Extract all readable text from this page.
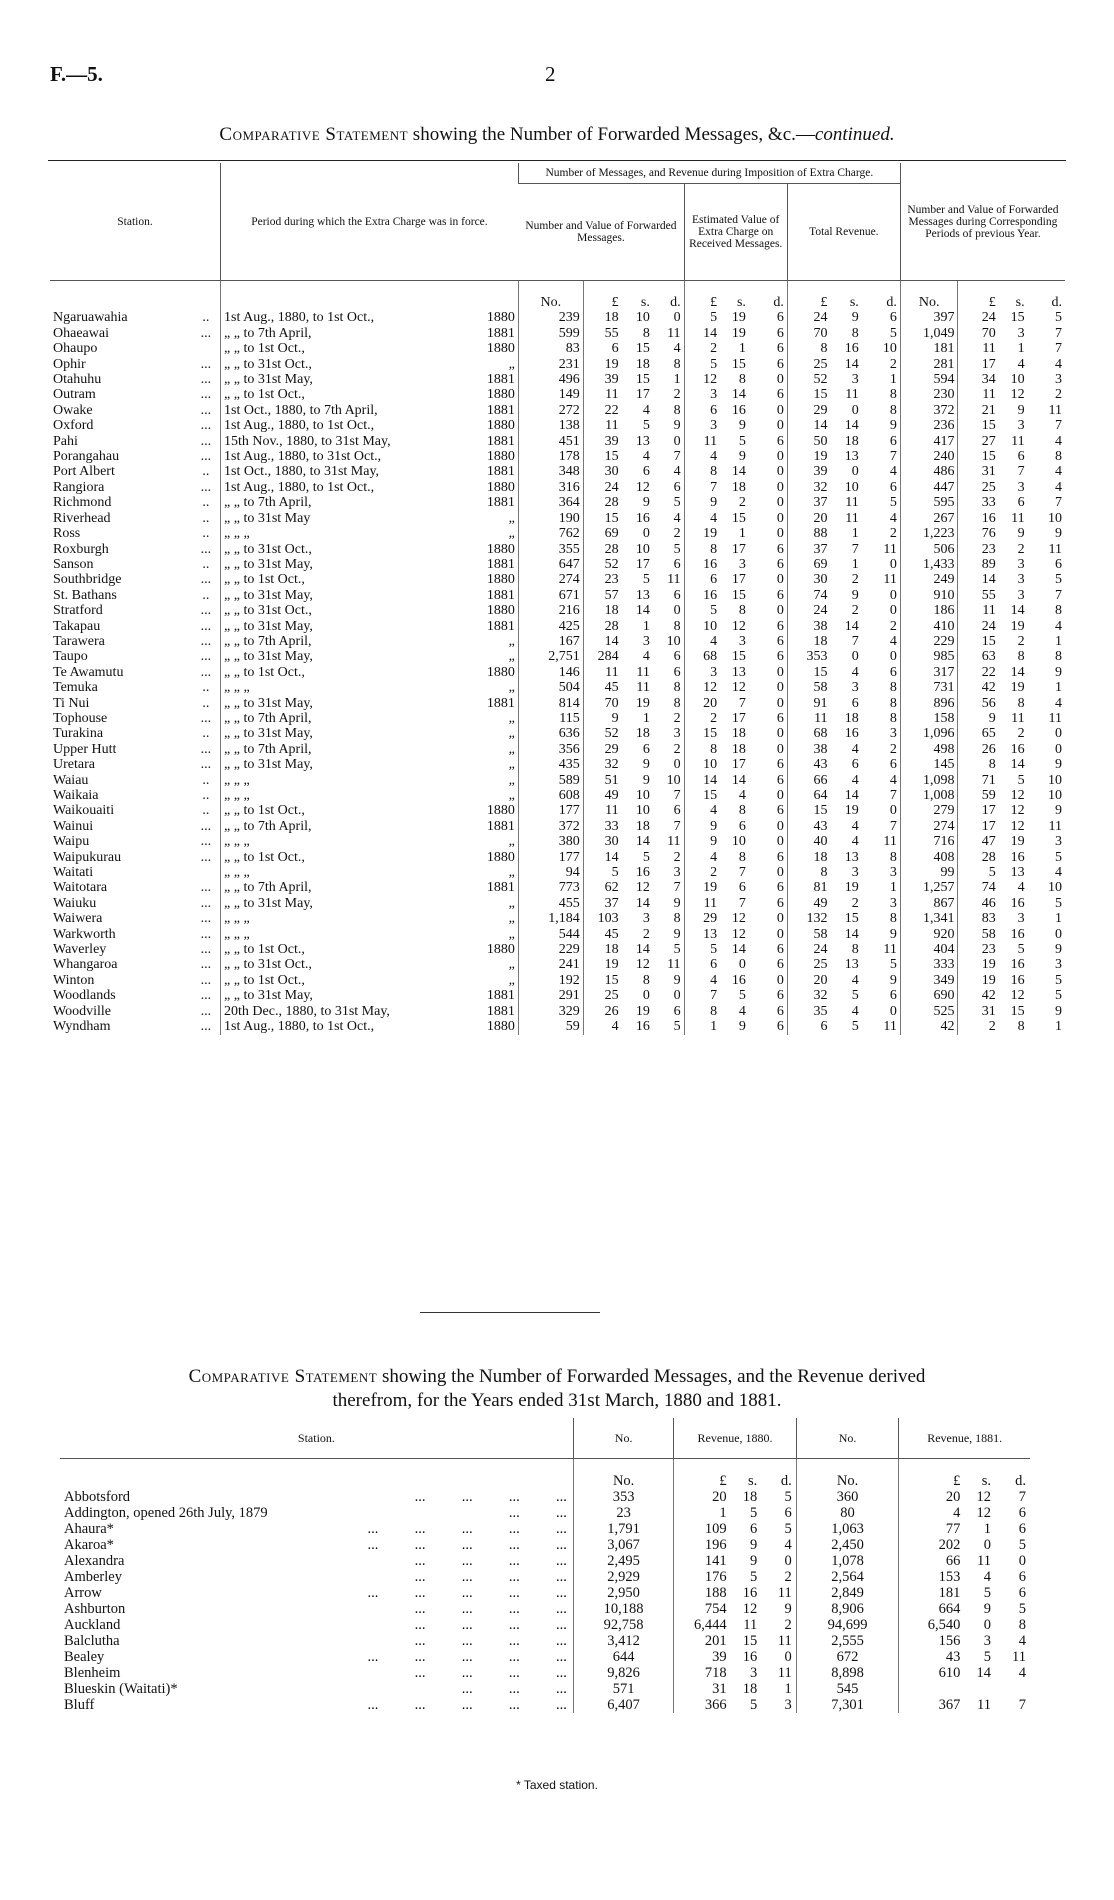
F.—5.	2
Comparative Statement showing the Number of Forwarded Messages, &c.—continued.
Station.		Period during which the Extra Charge was in force.		Number of Messages, and Revenue during Imposition of Extra Charge.										Number and Value of Forwarded Messages during Corresponding Periods of previous Year.			
				Number and Value of Forwarded Messages.				Estimated Value of Extra Charge on Received Messages.			Total Revenue.						
				No.	£	s.	d.	£	s.	d.	£	s.	d.	No.	£	s.	d.
Ngaruawahia	..	1st Aug., 1880, to 1st Oct.,	1880	239	18	10	0	5	19	6	24	9	6	397	24	15	5
Ohaeawai	...	„ „ to 7th April,	1881	599	55	8	11	14	19	6	70	8	5	1,049	70	3	7
Ohaupo		„ „ to 1st Oct.,	1880	83	6	15	4	2	1	6	8	16	10	181	11	1	7
Ophir	...	„ „ to 31st Oct.,	„	231	19	18	8	5	15	6	25	14	2	281	17	4	4
Otahuhu	...	„ „ to 31st May,	1881	496	39	15	1	12	8	0	52	3	1	594	34	10	3
Outram	...	„ „ to 1st Oct.,	1880	149	11	17	2	3	14	6	15	11	8	230	11	12	2
Owake	...	1st Oct., 1880, to 7th April,	1881	272	22	4	8	6	16	0	29	0	8	372	21	9	11
Oxford	...	1st Aug., 1880, to 1st Oct.,	1880	138	11	5	9	3	9	0	14	14	9	236	15	3	7
Pahi	...	15th Nov., 1880, to 31st May,	1881	451	39	13	0	11	5	6	50	18	6	417	27	11	4
Porangahau	...	1st Aug., 1880, to 31st Oct.,	1880	178	15	4	7	4	9	0	19	13	7	240	15	6	8
Port Albert	..	1st Oct., 1880, to 31st May,	1881	348	30	6	4	8	14	0	39	0	4	486	31	7	4
Rangiora	...	1st Aug., 1880, to 1st Oct.,	1880	316	24	12	6	7	18	0	32	10	6	447	25	3	4
Richmond	..	„ „ to 7th April,	1881	364	28	9	5	9	2	0	37	11	5	595	33	6	7
Riverhead	..	„ „ to 31st May	„	190	15	16	4	4	15	0	20	11	4	267	16	11	10
Ross	..	„ „ „	„	762	69	0	2	19	1	0	88	1	2	1,223	76	9	9
Roxburgh	...	„ „ to 31st Oct.,	1880	355	28	10	5	8	17	6	37	7	11	506	23	2	11
Sanson	..	„ „ to 31st May,	1881	647	52	17	6	16	3	6	69	1	0	1,433	89	3	6
Southbridge	...	„ „ to 1st Oct.,	1880	274	23	5	11	6	17	0	30	2	11	249	14	3	5
St. Bathans	..	„ „ to 31st May,	1881	671	57	13	6	16	15	6	74	9	0	910	55	3	7
Stratford	...	„ „ to 31st Oct.,	1880	216	18	14	0	5	8	0	24	2	0	186	11	14	8
Takapau	...	„ „ to 31st May,	1881	425	28	1	8	10	12	6	38	14	2	410	24	19	4
Tarawera	...	„ „ to 7th April,	„	167	14	3	10	4	3	6	18	7	4	229	15	2	1
Taupo	...	„ „ to 31st May,	„	2,751	284	4	6	68	15	6	353	0	0	985	63	8	8
Te Awamutu	...	„ „ to 1st Oct.,	1880	146	11	11	6	3	13	0	15	4	6	317	22	14	9
Temuka	..	„ „ „	„	504	45	11	8	12	12	0	58	3	8	731	42	19	1
Ti Nui	..	„ „ to 31st May,	1881	814	70	19	8	20	7	0	91	6	8	896	56	8	4
Tophouse	...	„ „ to 7th April,	„	115	9	1	2	2	17	6	11	18	8	158	9	11	11
Turakina	..	„ „ to 31st May,	„	636	52	18	3	15	18	0	68	16	3	1,096	65	2	0
Upper Hutt	...	„ „ to 7th April,	„	356	29	6	2	8	18	0	38	4	2	498	26	16	0
Uretara	...	„ „ to 31st May,	„	435	32	9	0	10	17	6	43	6	6	145	8	14	9
Waiau	..	„ „ „	„	589	51	9	10	14	14	6	66	4	4	1,098	71	5	10
Waikaia	..	„ „ „	„	608	49	10	7	15	4	0	64	14	7	1,008	59	12	10
Waikouaiti	..	„ „ to 1st Oct.,	1880	177	11	10	6	4	8	6	15	19	0	279	17	12	9
Wainui	...	„ „ to 7th April,	1881	372	33	18	7	9	6	0	43	4	7	274	17	12	11
Waipu	...	„ „ „	„	380	30	14	11	9	10	0	40	4	11	716	47	19	3
Waipukurau	...	„ „ to 1st Oct.,	1880	177	14	5	2	4	8	6	18	13	8	408	28	16	5
Waitati		„ „ „	„	94	5	16	3	2	7	0	8	3	3	99	5	13	4
Waitotara	...	„ „ to 7th April,	1881	773	62	12	7	19	6	6	81	19	1	1,257	74	4	10
Waiuku	...	„ „ to 31st May,	„	455	37	14	9	11	7	6	49	2	3	867	46	16	5
Waiwera	...	„ „ „	„	1,184	103	3	8	29	12	0	132	15	8	1,341	83	3	1
Warkworth	...	„ „ „	„	544	45	2	9	13	12	0	58	14	9	920	58	16	0
Waverley	...	„ „ to 1st Oct.,	1880	229	18	14	5	5	14	6	24	8	11	404	23	5	9
Whangaroa	...	„ „ to 31st Oct.,	„	241	19	12	11	6	0	6	25	13	5	333	19	16	3
Winton	...	„ „ to 1st Oct.,	„	192	15	8	9	4	16	0	20	4	9	349	19	16	5
Woodlands	...	„ „ to 31st May,	1881	291	25	0	0	7	5	6	32	5	6	690	42	12	5
Woodville	...	20th Dec., 1880, to 31st May,	1881	329	26	19	6	8	4	6	35	4	0	525	31	15	9
Wyndham	...	1st Aug., 1880, to 1st Oct.,	1880	59	4	16	5	1	9	6	6	5	11	42	2	8	1
Comparative Statement showing the Number of Forwarded Messages, and the Revenue derived
therefrom, for the Years ended 31st March, 1880 and 1881.
Station.	No.	Revenue, 1880.			No.	Revenue, 1881.		
	No.	£	s.	d.	No.	£	s.	d.
Abbotsford ...          ...          ...          ...	353	20	18	5	360	20	12	7
Addington, opened 26th July, 1879 ...          ...	23	1	5	6	80	4	12	6
Ahaura* ...          ...          ...          ...          ...	1,791	109	6	5	1,063	77	1	6
Akaroa* ...          ...          ...          ...          ...	3,067	196	9	4	2,450	202	0	5
Alexandra ...          ...          ...          ...	2,495	141	9	0	1,078	66	11	0
Amberley ...          ...          ...          ...	2,929	176	5	2	2,564	153	4	6
Arrow ...          ...          ...          ...          ...	2,950	188	16	11	2,849	181	5	6
Ashburton ...          ...          ...          ...	10,188	754	12	9	8,906	664	9	5
Auckland ...          ...          ...          ...	92,758	6,444	11	2	94,699	6,540	0	8
Balclutha ...          ...          ...          ...	3,412	201	15	11	2,555	156	3	4
Bealey ...          ...          ...          ...          ...	644	39	16	0	672	43	5	11
Blenheim ...          ...          ...          ...	9,826	718	3	11	8,898	610	14	4
Blueskin (Waitati)* ...          ...          ...	571	31	18	1	545			
Bluff ...          ...          ...          ...          ...	6,407	366	5	3	7,301	367	11	7
* Taxed station.
